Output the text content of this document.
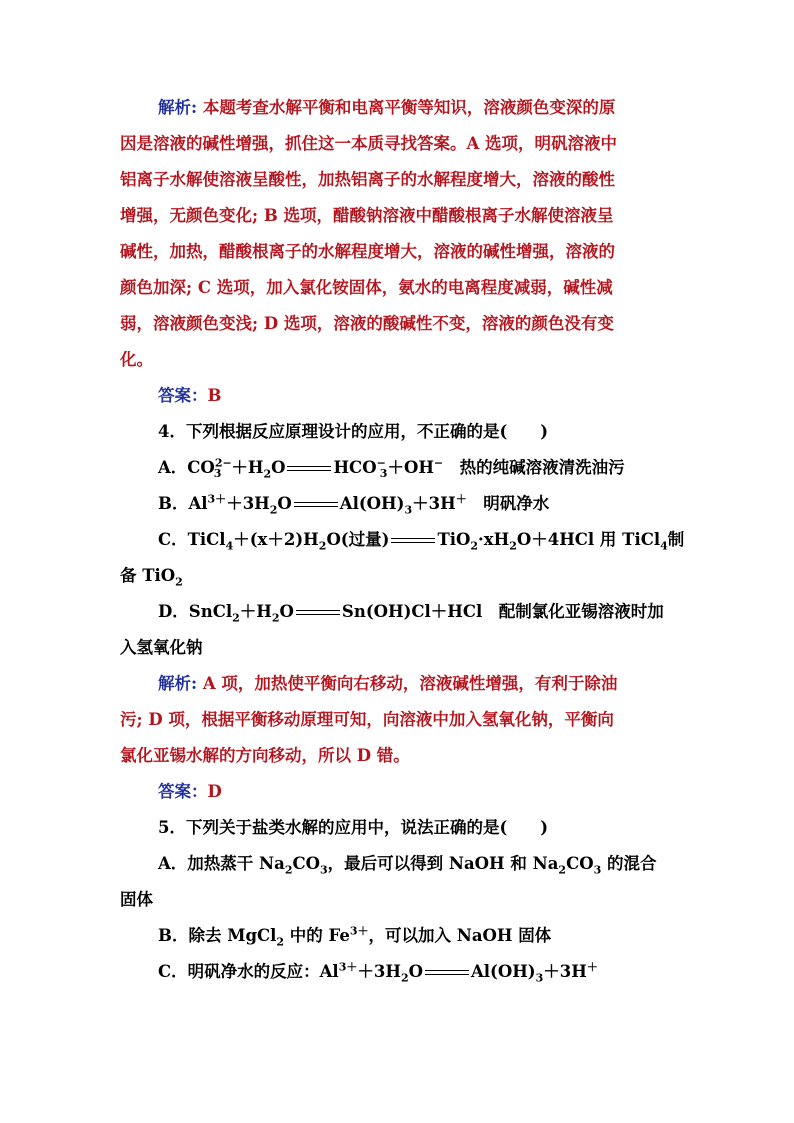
解析: 本题考查水解平衡和电离平衡等知识，溶液颜色变深的原
因是溶液的碱性增强，抓住这一本质寻找答案。A 选项，明矾溶液中
铝离子水解使溶液呈酸性，加热铝离子的水解程度增大，溶液的酸性
增强，无颜色变化; B 选项，醋酸钠溶液中醋酸根离子水解使溶液呈
碱性，加热，醋酸根离子的水解程度增大，溶液的碱性增强，溶液的
颜色加深; C 选项，加入氯化铵固体，氨水的电离程度减弱，碱性减
弱，溶液颜色变浅; D 选项，溶液的酸碱性不变，溶液的颜色没有变
化。
答案：B
4．下列根据反应原理设计的应用，不正确的是(　　)
A．$CO^{2-}_3 +H_2O$	$HCO^-_3+OH^-$　热的纯碱溶液清洗油污
B．$Al^{3+}+3H_2O$	$Al(OH)_3+3H^+$　明矾净水
C．$TiCl_4+(x+2)H_2O$(过量)	$TiO_2\cdot xH_2O+4HCl$ 用 TiCl$_4$制
备 TiO$_2$
D．$SnCl_2+H_2O$	Sn(OH)Cl＋HCl　配制氯化亚锡溶液时加
入氢氧化钠
解析: A 项，加热使平衡向右移动，溶液碱性增强，有利于除油
污; D 项，根据平衡移动原理可知，向溶液中加入氢氧化钠，平衡向
氯化亚锡水解的方向移动，所以 D 错。
答案：D
5．下列关于盐类水解的应用中，说法正确的是(　　)
A．加热蒸干 $Na_2CO_3$，最后可以得到 NaOH 和 $Na_2CO_3$ 的混合
固体
B．除去 MgCl$_2$ 中的 $Fe^{3+}$，可以加入 NaOH 固体
C．明矾净水的反应：$Al^{3+}+3H_2O$	$Al(OH)_3+3H^+$
